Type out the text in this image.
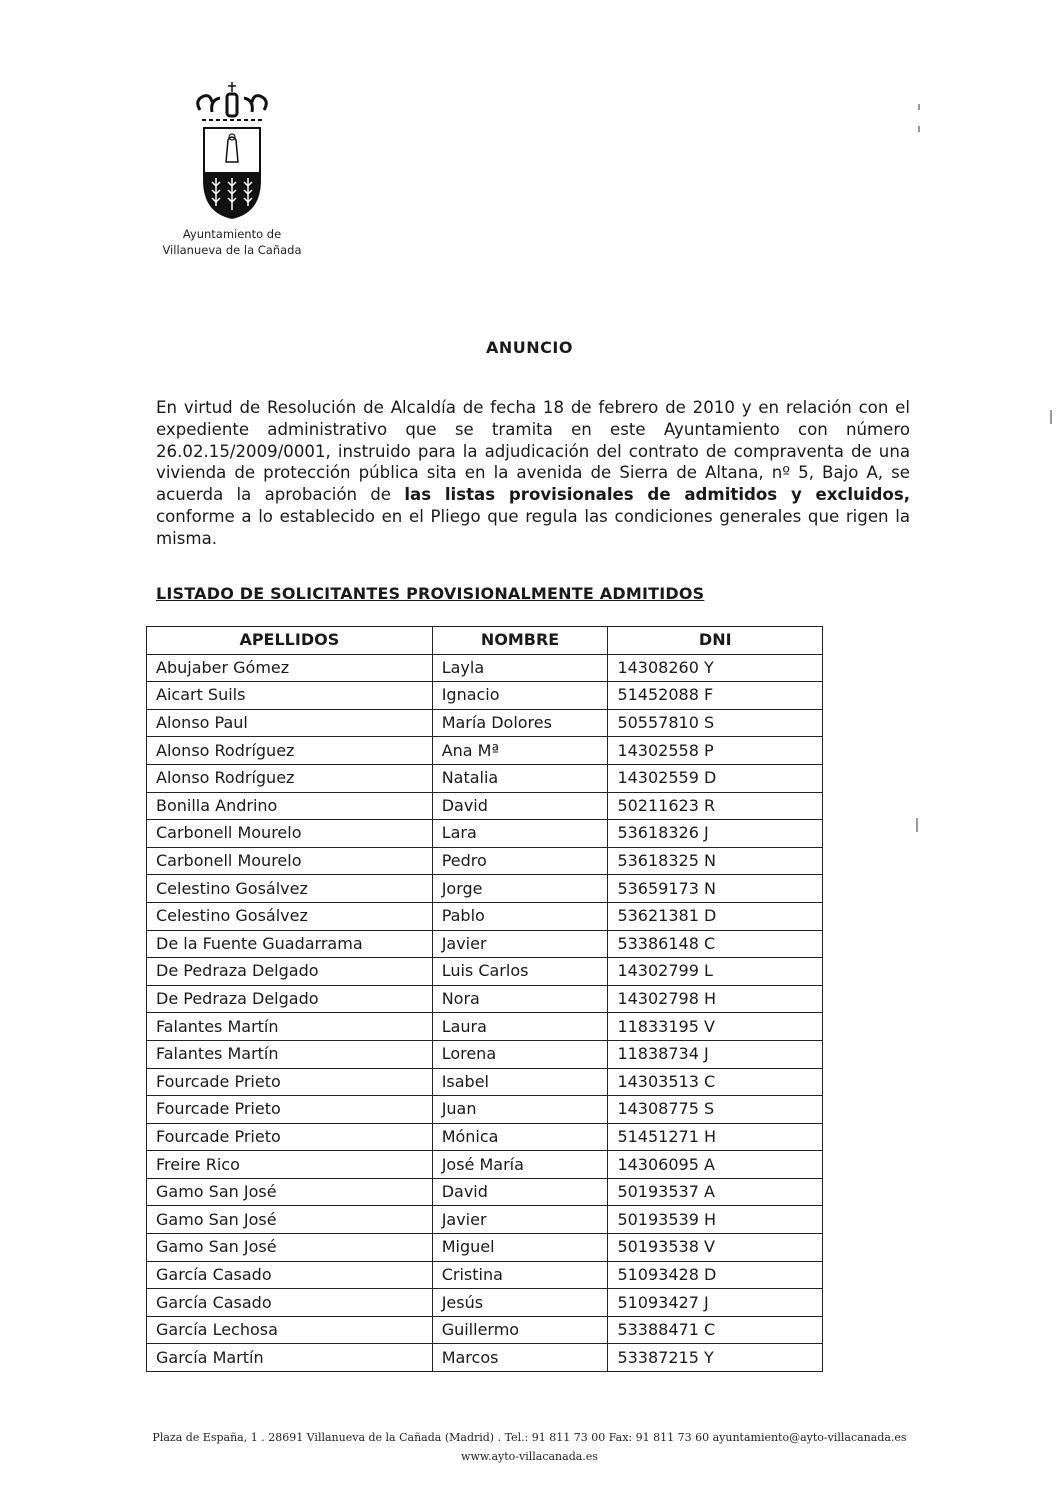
Ayuntamiento de
Villanueva de la Cañada
ANUNCIO
En virtud de Resolución de Alcaldía de fecha 18 de febrero de 2010 y en relación con el expediente administrativo que se tramita en este Ayuntamiento con número 26.02.15/2009/0001, instruido para la adjudicación del contrato de compraventa de una vivienda de protección pública sita en la avenida de Sierra de Altana, nº 5, Bajo A, se acuerda la aprobación de las listas provisionales de admitidos y excluidos, conforme a lo establecido en el Pliego que regula las condiciones generales que rigen la misma.
LISTADO DE SOLICITANTES PROVISIONALMENTE ADMITIDOS
APELLIDOS	NOMBRE	DNI
Abujaber Gómez	Layla	14308260 Y
Aicart Suils	Ignacio	51452088 F
Alonso Paul	María Dolores	50557810 S
Alonso Rodríguez	Ana Mª	14302558 P
Alonso Rodríguez	Natalia	14302559 D
Bonilla Andrino	David	50211623 R
Carbonell Mourelo	Lara	53618326 J
Carbonell Mourelo	Pedro	53618325 N
Celestino Gosálvez	Jorge	53659173 N
Celestino Gosálvez	Pablo	53621381 D
De la Fuente Guadarrama	Javier	53386148 C
De Pedraza Delgado	Luis Carlos	14302799 L
De Pedraza Delgado	Nora	14302798 H
Falantes Martín	Laura	11833195 V
Falantes Martín	Lorena	11838734 J
Fourcade Prieto	Isabel	14303513 C
Fourcade Prieto	Juan	14308775 S
Fourcade Prieto	Mónica	51451271 H
Freire Rico	José María	14306095 A
Gamo San José	David	50193537 A
Gamo San José	Javier	50193539 H
Gamo San José	Miguel	50193538 V
García Casado	Cristina	51093428 D
García Casado	Jesús	51093427 J
García Lechosa	Guillermo	53388471 C
García Martín	Marcos	53387215 Y
Plaza de España, 1 . 28691 Villanueva de la Cañada (Madrid) . Tel.: 91 811 73 00 Fax: 91 811 73 60 ayuntamiento@ayto-villacanada.es
www.ayto-villacanada.es
